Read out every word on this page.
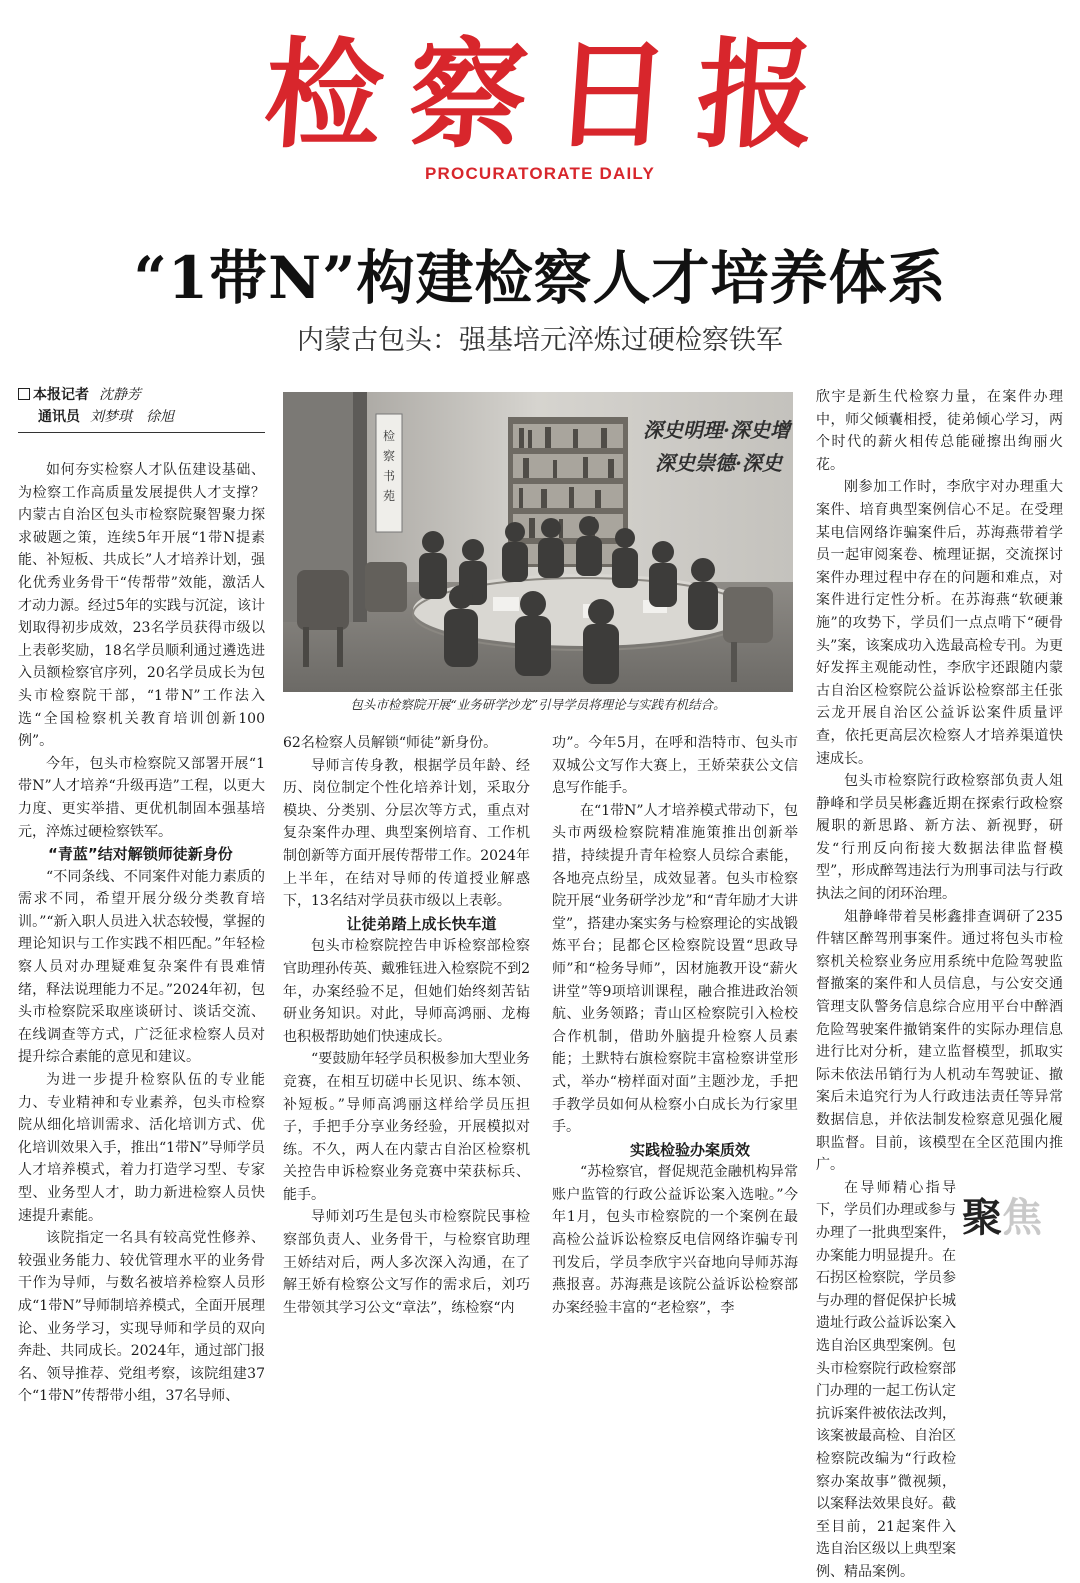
检察日报
PROCURATORATE DAILY
“1带N”构建检察人才培养体系
内蒙古包头：强基培元淬炼过硬检察铁军
本报记者 沈静芳
通讯员 刘梦琪　徐旭

如何夯实检察人才队伍建设基础、为检察工作高质量发展提供人才支撑？内蒙古自治区包头市检察院聚智聚力探求破题之策，连续5年开展“1带N提素能、补短板、共成长”人才培养计划，强化优秀业务骨干“传帮带”效能，激活人才动力源。经过5年的实践与沉淀，该计划取得初步成效，23名学员获得市级以上表彰奖励，18名学员顺利通过遴选进入员额检察官序列，20名学员成长为包头市检察院干部，“1带N”工作法入选“全国检察机关教育培训创新100例”。

今年，包头市检察院又部署开展“1带N”人才培养“升级再造”工程，以更大力度、更实举措、更优机制固本强基培元，淬炼过硬检察铁军。

“青蓝”结对解锁师徒新身份

“不同条线、不同案件对能力素质的需求不同，希望开展分级分类教育培训。”“新入职人员进入状态较慢，掌握的理论知识与工作实践不相匹配。”年轻检察人员对办理疑难复杂案件有畏难情绪，释法说理能力不足。”2024年初，包头市检察院采取座谈研讨、谈话交流、在线调查等方式，广泛征求检察人员对提升综合素能的意见和建议。

为进一步提升检察队伍的专业能力、专业精神和专业素养，包头市检察院从细化培训需求、活化培训方式、优化培训效果入手，推出“1带N”导师学员人才培养模式，着力打造学习型、专家型、业务型人才，助力新进检察人员快速提升素能。

该院指定一名具有较高党性修养、较强业务能力、较优管理水平的业务骨干作为导师，与数名被培养检察人员形成“1带N”导师制培养模式，全面开展理论、业务学习，实现导师和学员的双向奔赴、共同成长。2024年，通过部门报名、领导推荐、党组考察，该院组建37个“1带N”传帮带小组，37名导师、

检察书苑
深史明理·深史增
深史崇德·深史
包头市检察院开展“业务研学沙龙”引导学员将理论与实践有机结合。

62名检察人员解锁“师徒”新身份。

导师言传身教，根据学员年龄、经历、岗位制定个性化培养计划，采取分模块、分类别、分层次等方式，重点对复杂案件办理、典型案例培育、工作机制创新等方面开展传帮带工作。2024年上半年，在结对导师的传道授业解惑下，13名结对学员获市级以上表彰。

让徒弟踏上成长快车道

包头市检察院控告申诉检察部检察官助理孙传英、戴雅钰进入检察院不到2年，办案经验不足，但她们始终刻苦钻研业务知识。对此，导师高鸿丽、龙梅也积极帮助她们快速成长。

“要鼓励年轻学员积极参加大型业务竞赛，在相互切磋中长见识、练本领、补短板。”导师高鸿丽这样给学员压担子，手把手分享业务经验，开展模拟对练。不久，两人在内蒙古自治区检察机关控告申诉检察业务竞赛中荣获标兵、能手。

导师刘巧生是包头市检察院民事检察部负责人、业务骨干，与检察官助理王娇结对后，两人多次深入沟通，在了解王娇有检察公文写作的需求后，刘巧生带领其学习公文“章法”，练检察“内

功”。今年5月，在呼和浩特市、包头市双城公文写作大赛上，王娇荣获公文信息写作能手。

在“1带N”人才培养模式带动下，包头市两级检察院精准施策推出创新举措，持续提升青年检察人员综合素能，各地亮点纷呈，成效显著。包头市检察院开展“业务研学沙龙”和“青年励才大讲堂”，搭建办案实务与检察理论的实战锻炼平台；昆都仑区检察院设置“思政导师”和“检务导师”，因材施教开设“薪火讲堂”等9项培训课程，融合推进政治领航、业务领路；青山区检察院引入检校合作机制，借助外脑提升检察人员素能；土默特右旗检察院丰富检察讲堂形式，举办“榜样面对面”主题沙龙，手把手教学员如何从检察小白成长为行家里手。

实践检验办案质效

“苏检察官，督促规范金融机构异常账户监管的行政公益诉讼案入选啦。”今年1月，包头市检察院的一个案例在最高检公益诉讼检察反电信网络诈骗专刊刊发后，学员李欣宇兴奋地向导师苏海燕报喜。苏海燕是该院公益诉讼检察部办案经验丰富的“老检察”，李

欣宇是新生代检察力量，在案件办理中，师父倾囊相授，徒弟倾心学习，两个时代的薪火相传总能碰擦出绚丽火花。

刚参加工作时，李欣宇对办理重大案件、培育典型案例信心不足。在受理某电信网络诈骗案件后，苏海燕带着学员一起审阅案卷、梳理证据，交流探讨案件办理过程中存在的问题和难点，对案件进行定性分析。在苏海燕“软硬兼施”的攻势下，学员们一点点啃下“硬骨头”案，该案成功入选最高检专刊。为更好发挥主观能动性，李欣宇还跟随内蒙古自治区检察院公益诉讼检察部主任张云龙开展自治区公益诉讼案件质量评查，依托更高层次检察人才培养渠道快速成长。

包头市检察院行政检察部负责人俎静峰和学员吴彬鑫近期在探索行政检察履职的新思路、新方法、新视野，研发“行刑反向衔接大数据法律监督模型”，形成醉驾违法行为刑事司法与行政执法之间的闭环治理。

俎静峰带着吴彬鑫排查调研了235件辖区醉驾刑事案件。通过将包头市检察机关检察业务应用系统中危险驾驶监督撤案的案件和人员信息，与公安交通管理支队警务信息综合应用平台中醉酒危险驾驶案件撤销案件的实际办理信息进行比对分析，建立监督模型，抓取实际未依法吊销行为人机动车驾驶证、撤案后未追究行为人行政违法责任等异常数据信息，并依法制发检察意见强化履职监督。目前，该模型在全区范围内推广。

在导师精心指导下，学员们办理或参与办理了一批典型案件，办案能力明显提升。在石拐区检察院，学员参与办理的督促保护长城遗址行政公益诉讼案入选自治区典型案例。包头市检察院行政检察部门办理的一起工伤认定抗诉案件被依法改判，该案被最高检、自治区检察院改编为“行政检察办案故事”微视频，以案释法效果良好。截至目前，21起案件入选自治区级以上典型案例、精品案例。

聚焦
